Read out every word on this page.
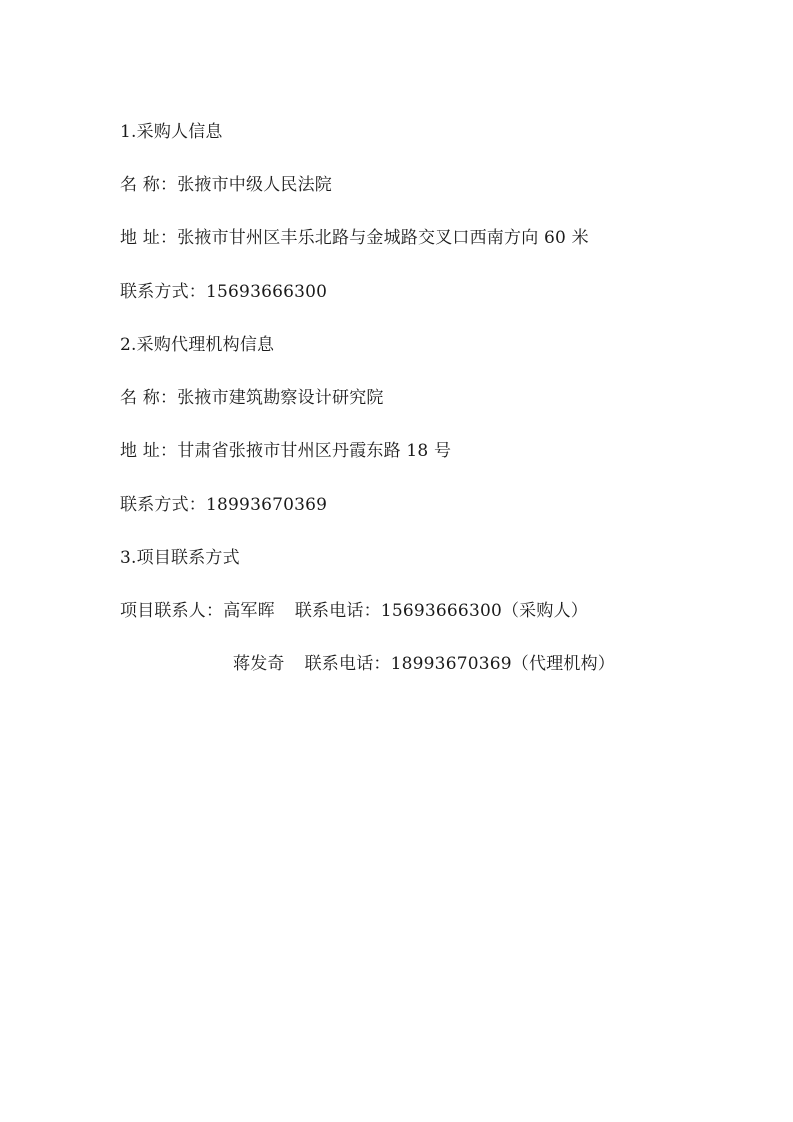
1.采购人信息
名 称：张掖市中级人民法院
地 址：张掖市甘州区丰乐北路与金城路交叉口西南方向 60 米
联系方式：15693666300
2.采购代理机构信息
名 称：张掖市建筑勘察设计研究院
地 址：甘肃省张掖市甘州区丹霞东路 18 号
联系方式：18993670369
3.项目联系方式
项目联系人：高军晖 联系电话：15693666300（采购人）
蒋发奇 联系电话：18993670369（代理机构）
